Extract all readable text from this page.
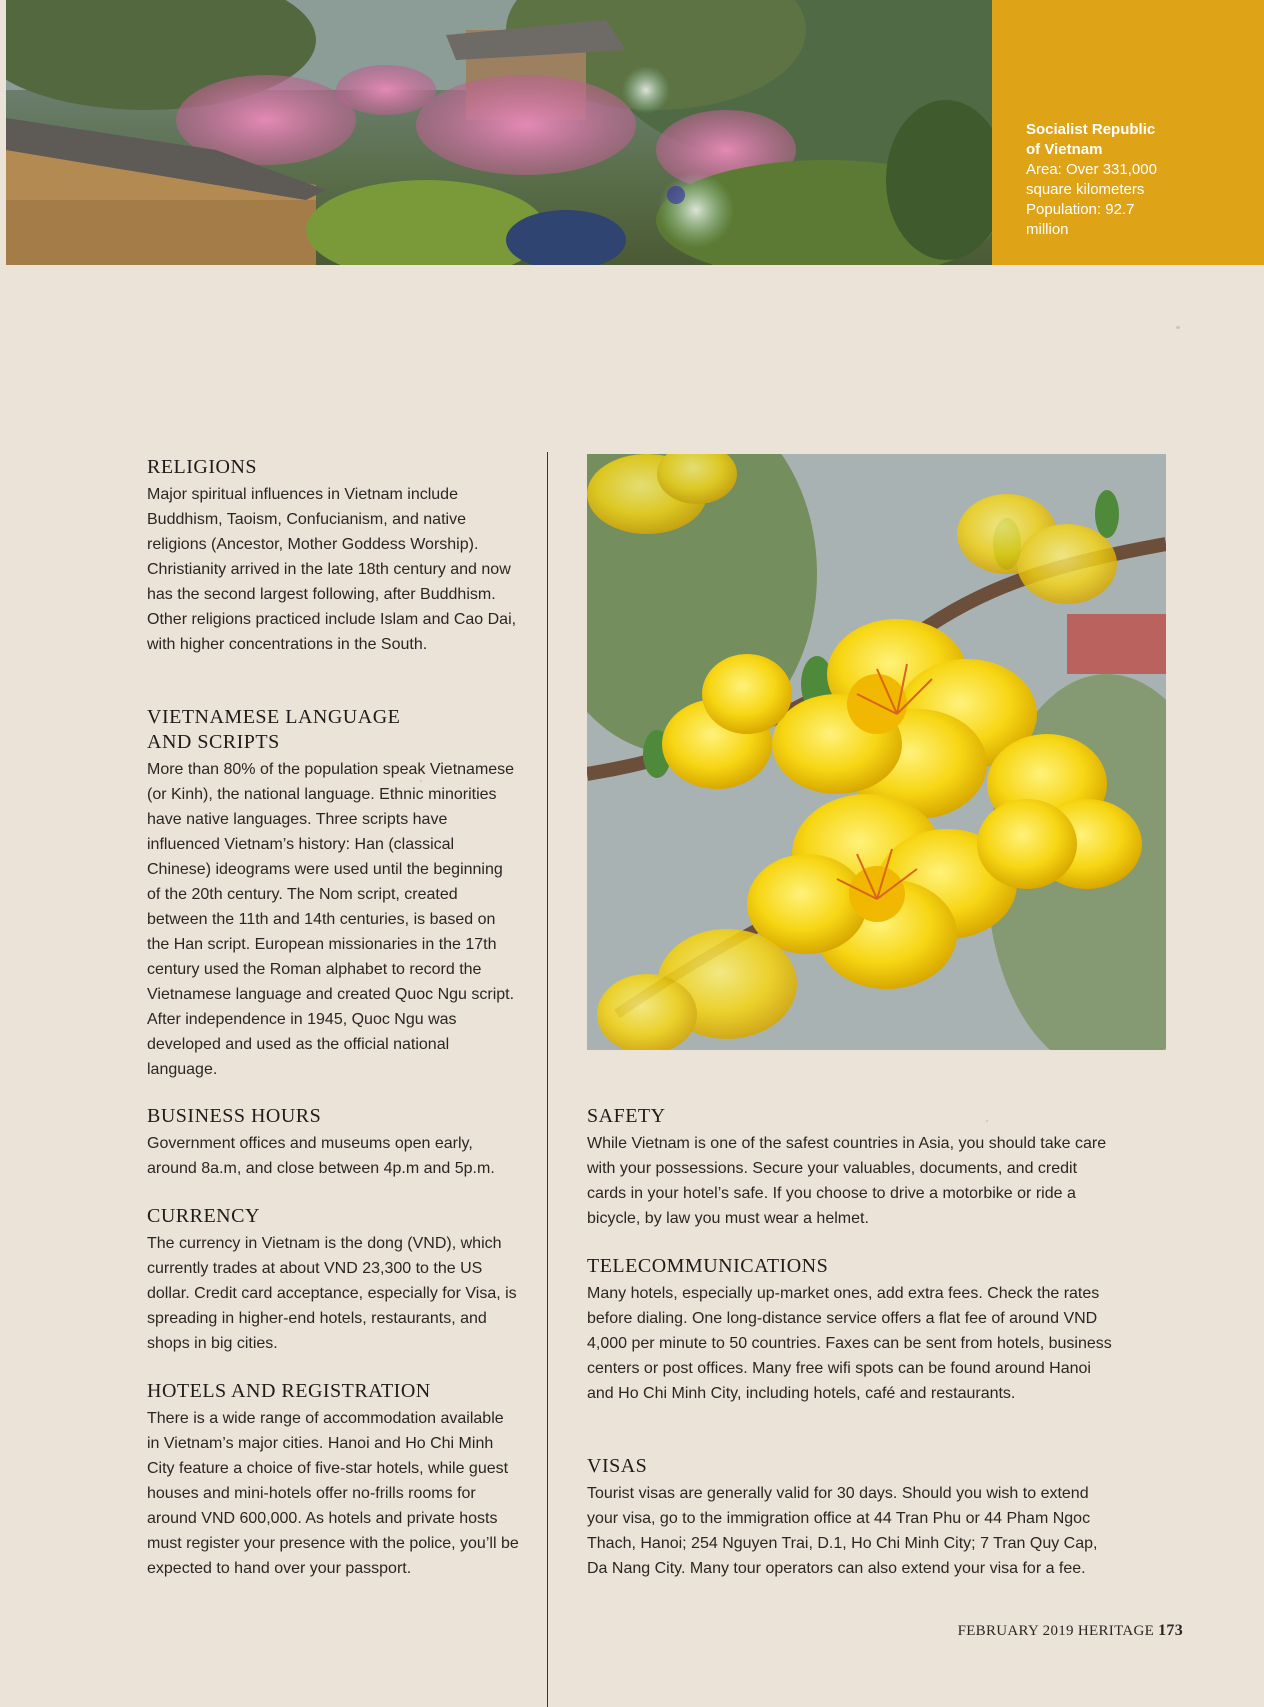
Socialist Republic
of Vietnam
Area: Over 331,000
square kilometers
Population: 92.7
million
RELIGIONS

Major spiritual influences in Vietnam include Buddhism, Taoism, Confucianism, and native religions (Ancestor, Mother Goddess Worship). Christianity arrived in the late 18th century and now has the second largest following, after Buddhism. Other religions practiced include Islam and Cao Dai, with higher concentrations in the South.

VIETNAMESE LANGUAGE
AND SCRIPTS

More than 80% of the population speak Vietnamese (or Kinh), the national language. Ethnic minorities have native languages. Three scripts have influenced Vietnam’s history: Han (classical Chinese) ideograms were used until the beginning of the 20th century. The Nom script, created between the 11th and 14th centuries, is based on the Han script. European missionaries in the 17th century used the Roman alphabet to record the Vietnamese language and created Quoc Ngu script. After independence in 1945, Quoc Ngu was developed and used as the official national language.

BUSINESS HOURS

Government offices and museums open early, around 8a.m, and close between 4p.m and 5p.m.

CURRENCY

The currency in Vietnam is the dong (VND), which currently trades at about VND 23,300 to the US dollar. Credit card acceptance, especially for Visa, is spreading in higher-end hotels, restaurants, and shops in big cities.

HOTELS AND REGISTRATION

There is a wide range of accommodation available in Vietnam’s major cities. Hanoi and Ho Chi Minh City feature a choice of five-star hotels, while guest houses and mini-hotels offer no-frills rooms for around VND 600,000. As hotels and private hosts must register your presence with the police, you’ll be expected to hand over your passport.

SAFETY

While Vietnam is one of the safest countries in Asia, you should take care with your possessions. Secure your valuables, documents, and credit cards in your hotel’s safe. If you choose to drive a motorbike or ride a bicycle, by law you must wear a helmet.

TELECOMMUNICATIONS

Many hotels, especially up-market ones, add extra fees. Check the rates before dialing. One long-distance service offers a flat fee of around VND 4,000 per minute to 50 countries. Faxes can be sent from hotels, business centers or post offices. Many free wifi spots can be found around Hanoi and Ho Chi Minh City, including hotels, café and restaurants.

VISAS

Tourist visas are generally valid for 30 days. Should you wish to extend your visa, go to the immigration office at 44 Tran Phu or 44 Pham Ngoc Thach, Hanoi; 254 Nguyen Trai, D.1, Ho Chi Minh City; 7 Tran Quy Cap, Da Nang City. Many tour operators can also extend your visa for a fee.

FEBRUARY 2019 HERITAGE 173
